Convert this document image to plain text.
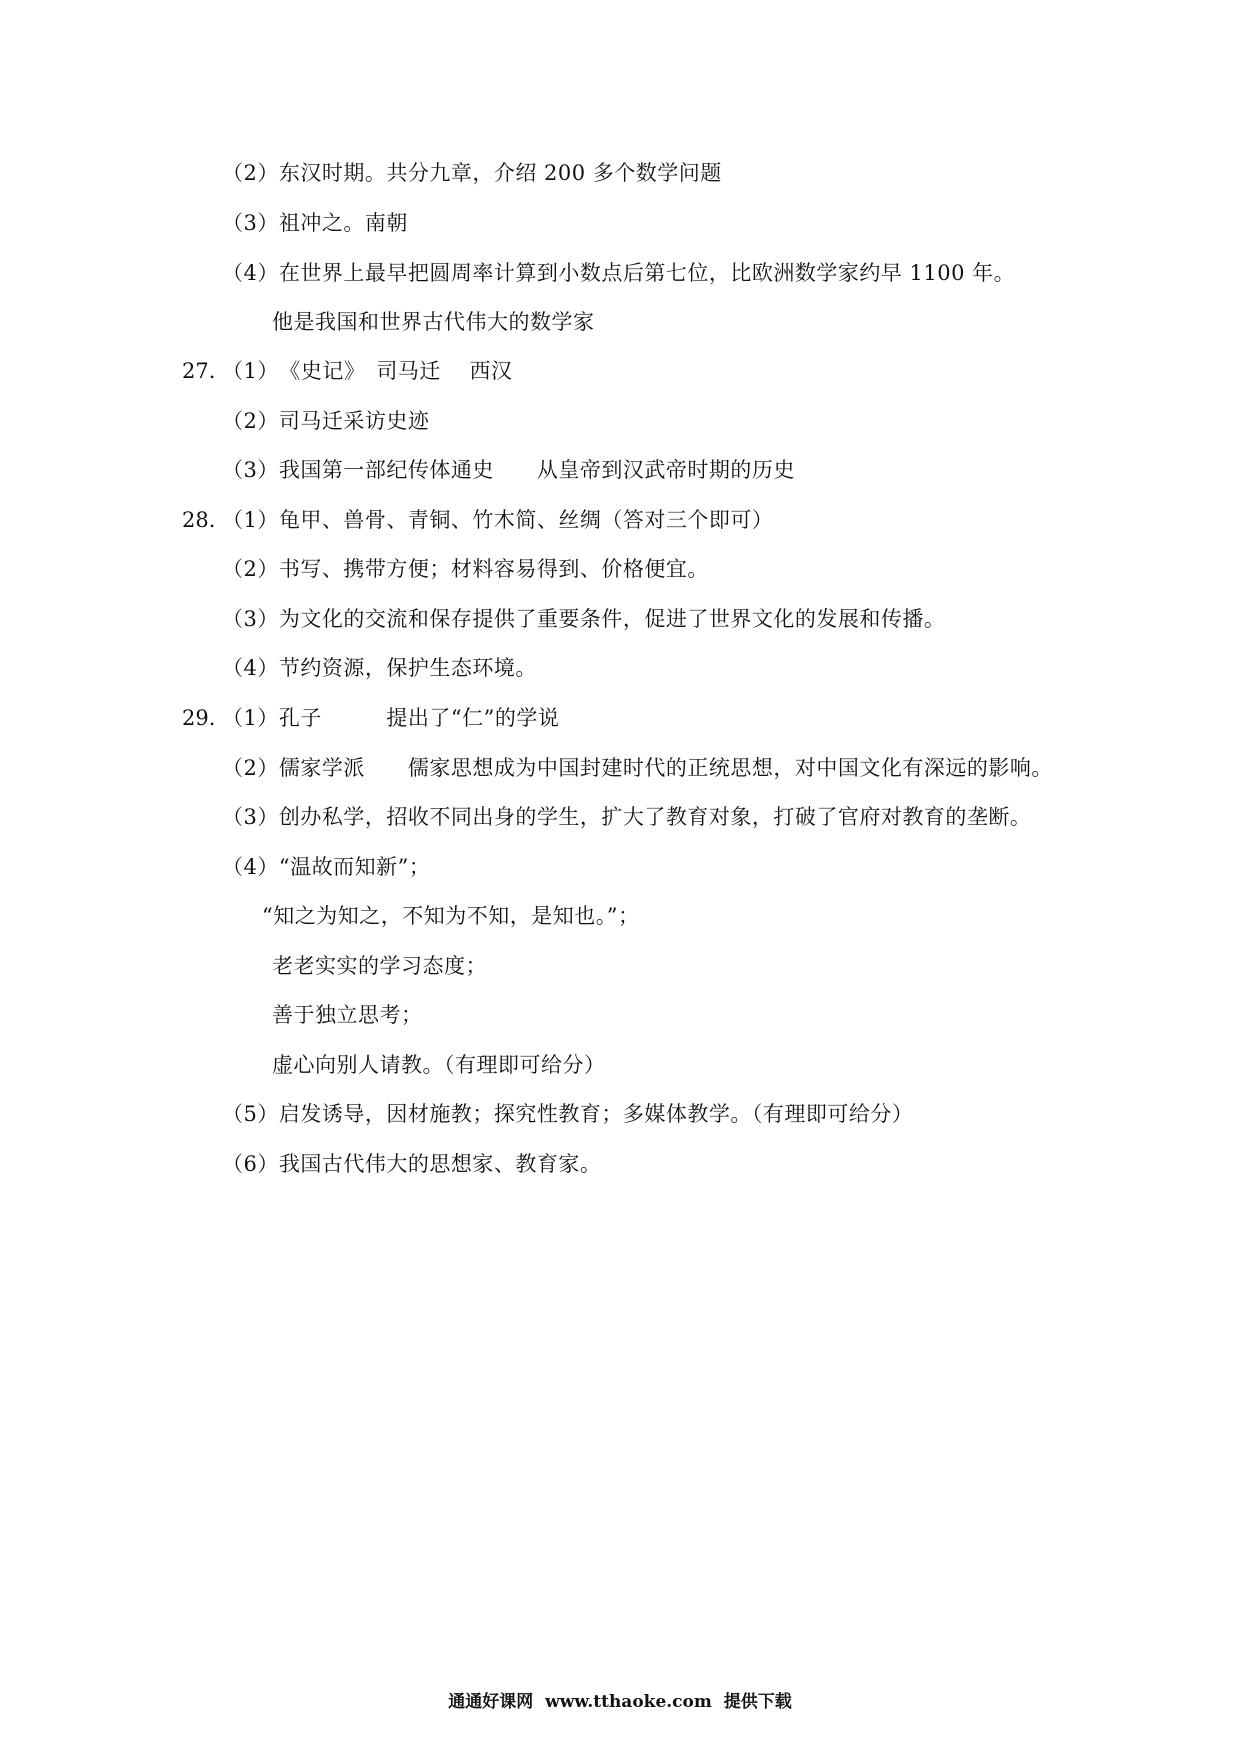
（2）东汉时期。共分九章，介绍 200 多个数学问题
（3）祖冲之。南朝
（4）在世界上最早把圆周率计算到小数点后第七位，比欧洲数学家约早 1100 年。
他是我国和世界古代伟大的数学家
27. （1）　《史记》　司马迁　 西汉
（2）司马迁采访史迹
（3）我国第一部纪传体通史　　从皇帝到汉武帝时期的历史
28. （1）龟甲、兽骨、青铜、竹木简、丝绸（答对三个即可）
（2）书写、携带方便；材料容易得到、价格便宜。
（3）为文化的交流和保存提供了重要条件，促进了世界文化的发展和传播。
（4）节约资源，保护生态环境。
29. （1）孔子　　　提出了“仁”的学说
（2）儒家学派　　儒家思想成为中国封建时代的正统思想，对中国文化有深远的影响。
（3）创办私学，招收不同出身的学生，扩大了教育对象，打破了官府对教育的垄断。
（4）“温故而知新”；
“知之为知之，不知为不知，是知也。”；
老老实实的学习态度；
善于独立思考；
虚心向别人请教。（有理即可给分）
（5）启发诱导，因材施教；探究性教育；多媒体教学。（有理即可给分）
（6）我国古代伟大的思想家、教育家。
通通好课网  www.tthaoke.com  提供下载
